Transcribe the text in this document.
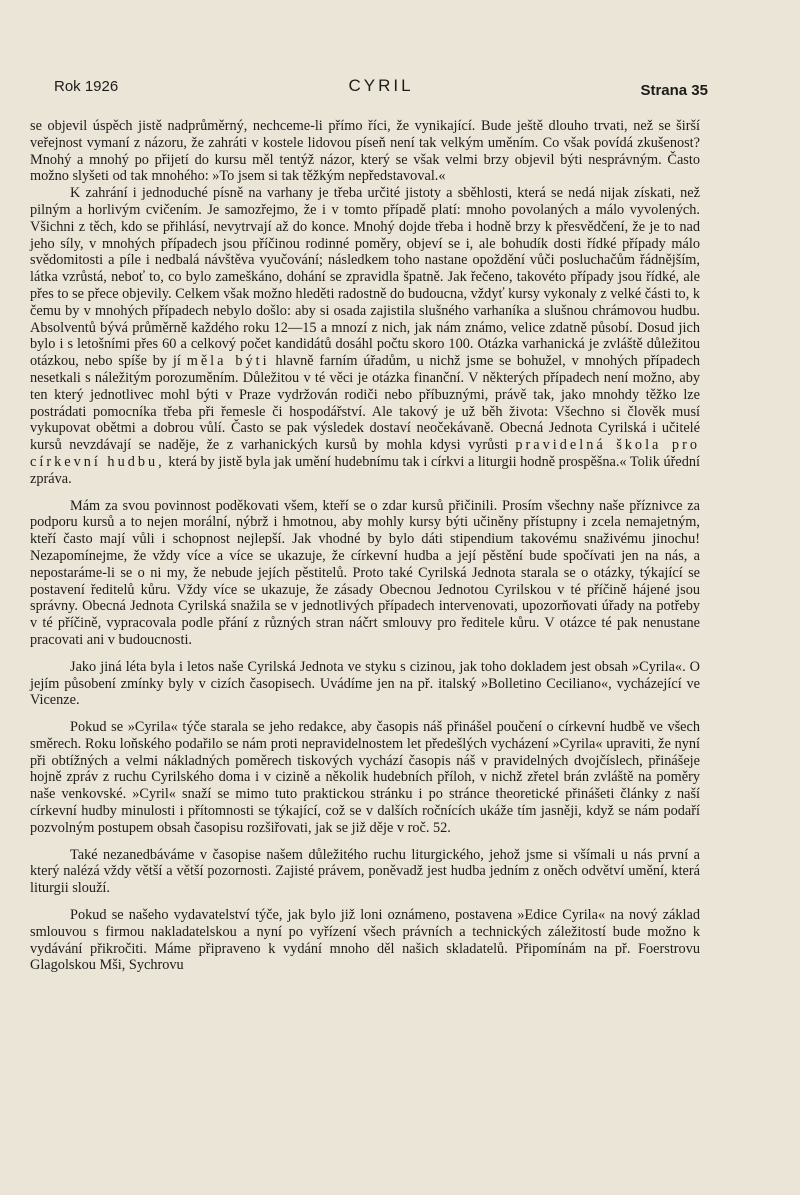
Rok 1926	CYRIL	Strana 35

se objevil úspěch jistě nadprůměrný, nechceme-li přímo říci, že vynikající. Bude ještě dlouho trvati, než se širší veřejnost vymaní z názoru, že zahráti v kostele lidovou píseň není tak velkým uměním. Co však povídá zkušenost? Mnohý a mnohý po přijetí do kursu měl tentýž názor, který se však velmi brzy objevil býti nesprávným. Často možno slyšeti od tak mnohého: »To jsem si tak těžkým nepředstavoval.«

K zahrání i jednoduché písně na varhany je třeba určité jistoty a sběhlosti, která se nedá nijak získati, než pilným a horlivým cvičením. Je samozřejmo, že i v tomto případě platí: mnoho povolaných a málo vyvolených. Všichni z těch, kdo se přihlásí, nevytrvají až do konce. Mnohý dojde třeba i hodně brzy k přesvědčení, že je to nad jeho síly, v mnohých případech jsou příčinou rodinné poměry, objeví se i, ale bohudík dosti řídké případy málo svědomitosti a píle i nedbalá návštěva vyučování; následkem toho nastane opoždění vůči posluchačům řádnějším, látka vzrůstá, neboť to, co bylo zameškáno, dohání se zpravidla špatně. Jak řečeno, takovéto případy jsou řídké, ale přes to se přece objevily. Celkem však možno hleděti radostně do budoucna, vždyť kursy vykonaly z velké části to, k čemu by v mnohých případech nebylo došlo: aby si osada zajistila slušného varhaníka a slušnou chrámovou hudbu. Absolventů bývá průměrně každého roku 12—15 a mnozí z nich, jak nám známo, velice zdatně působí. Dosud jich bylo i s letošními přes 60 a celkový počet kandidátů dosáhl počtu skoro 100. Otázka varhanická je zvláště důležitou otázkou, nebo spíše by jí měla býti hlavně farním úřadům, u nichž jsme se bohužel, v mnohých případech nesetkali s náležitým porozuměním. Důležitou v té věci je otázka finanční. V některých případech není možno, aby ten který jednotlivec mohl býti v Praze vydržován rodiči nebo příbuznými, právě tak, jako mnohdy těžko lze postrádati pomocníka třeba při řemesle či hospodářství. Ale takový je už běh života: Všechno si člověk musí vykupovat obětmi a dobrou vůlí. Často se pak výsledek dostaví neočekávaně. Obecná Jednota Cyrilská i učitelé kursů nevzdávají se naděje, že z varhanických kursů by mohla kdysi vyrůsti pravidelná škola pro církevní hudbu, která by jistě byla jak umění hudebnímu tak i církvi a liturgii hodně prospěšna.« Tolik úřední zpráva.

Mám za svou povinnost poděkovati všem, kteří se o zdar kursů přičinili. Prosím všechny naše příznivce za podporu kursů a to nejen morální, nýbrž i hmotnou, aby mohly kursy býti učiněny přístupny i zcela nemajetným, kteří často mají vůli i schopnost nejlepší. Jak vhodné by bylo dáti stipendium takovému snaživému jinochu! Nezapomínejme, že vždy více a více se ukazuje, že církevní hudba a její pěstění bude spočívati jen na nás, a nepostaráme-li se o ni my, že nebude jejích pěstitelů. Proto také Cyrilská Jednota starala se o otázky, týkající se postavení ředitelů kůru. Vždy více se ukazuje, že zásady Obecnou Jednotou Cyrilskou v té příčině hájené jsou správny. Obecná Jednota Cyrilská snažila se v jednotlivých případech intervenovati, upozorňovati úřady na potřeby v té příčině, vypracovala podle přání z různých stran náčrt smlouvy pro ředitele kůru. V otázce té pak nenustane pracovati ani v budoucnosti.

Jako jiná léta byla i letos naše Cyrilská Jednota ve styku s cizinou, jak toho dokladem jest obsah »Cyrila«. O jejím působení zmínky byly v cizích časopisech. Uvádíme jen na př. italský »Bolletino Ceciliano«, vycházející ve Vicenze.

Pokud se »Cyrila« týče starala se jeho redakce, aby časopis náš přinášel poučení o církevní hudbě ve všech směrech. Roku loňského podařilo se nám proti nepravidelnostem let předešlých vycházení »Cyrila« upraviti, že nyní při obtížných a velmi nákladných poměrech tiskových vychází časopis náš v pravidelných dvojčíslech, přinášeje hojně zpráv z ruchu Cyrilského doma i v cizině a několik hudebních příloh, v nichž zřetel brán zvláště na poměry naše venkovské. »Cyril« snaží se mimo tuto praktickou stránku i po stránce theoretické přinášeti články z naší církevní hudby minulosti i přítomnosti se týkající, což se v dalších ročnících ukáže tím jasněji, když se nám podaří pozvolným postupem obsah časopisu rozšiřovati, jak se již děje v roč. 52.

Také nezanedbáváme v časopise našem důležitého ruchu liturgického, jehož jsme si všímali u nás první a který nalézá vždy větší a větší pozornosti. Zajisté právem, poněvadž jest hudba jedním z oněch odvětví umění, která liturgii slouží.

Pokud se našeho vydavatelství týče, jak bylo již loni oznámeno, postavena »Edice Cyrila« na nový základ smlouvou s firmou nakladatelskou a nyní po vyřízení všech právních a technických záležitostí bude možno k vydávání přikročiti. Máme připraveno k vydání mnoho děl našich skladatelů. Připomínám na př. Foerstrovu Glagolskou Mši, Sychrovu
